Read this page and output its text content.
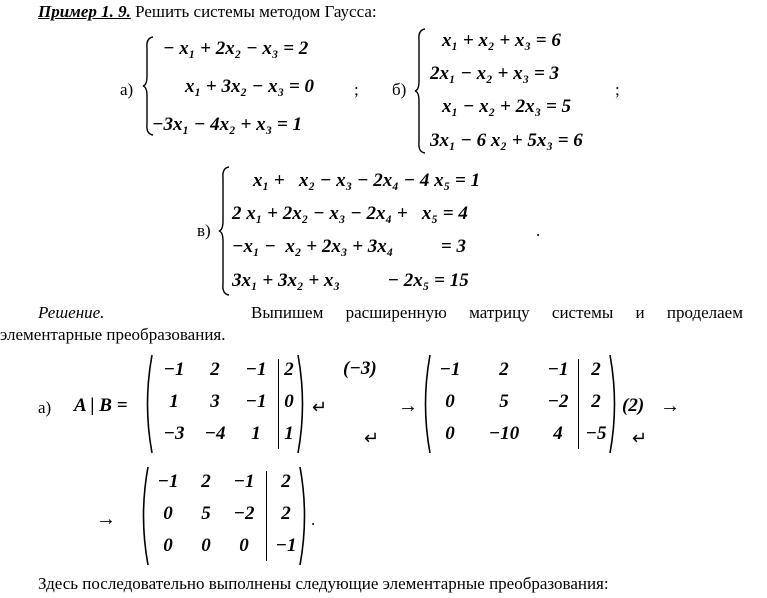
Пример 1. 9. Решить системы методом Гаусса:
а)
− x₁ + 2x₂ − x₃ = 2
x₁ + 3x₂ − x₃ = 0
−3x₁ − 4x₂ + x₃ = 1
; б)
x₁ + x₂ + x₃ = 6
2x₁ − x₂ + x₃ = 3
x₁ − x₂ + 2x₃ = 5
3x₁ − 6 x₂ + 5x₃ = 6
;
в)
x₁ +   x₂ − x₃ − 2x₄ − 4 x₅ = 1
2 x₁ + 2x₂ − x₃ − 2x₄ +   x₅ = 4
−x₁ −  x₂ + 2x₃ + 3x₄          = 3
3x₁ + 3x₂ + x₃          − 2x₅ = 15
.
Решение.	Выпишем расширенную матрицу системы и проделаем
элементарные преобразования.
а) A | B =
−1	2	−1 2
1	3	−1 0
−3	−4	1	1
(−3)
↵
↵
→
−1	2	−1	2
0	5	−2	2
0	−10	4	−5
(2) →
↵
→
−1	2	−1	2
0	5	−2	2
0	0	0	−1
.
Здесь последовательно выполнены следующие элементарные преобразования:
